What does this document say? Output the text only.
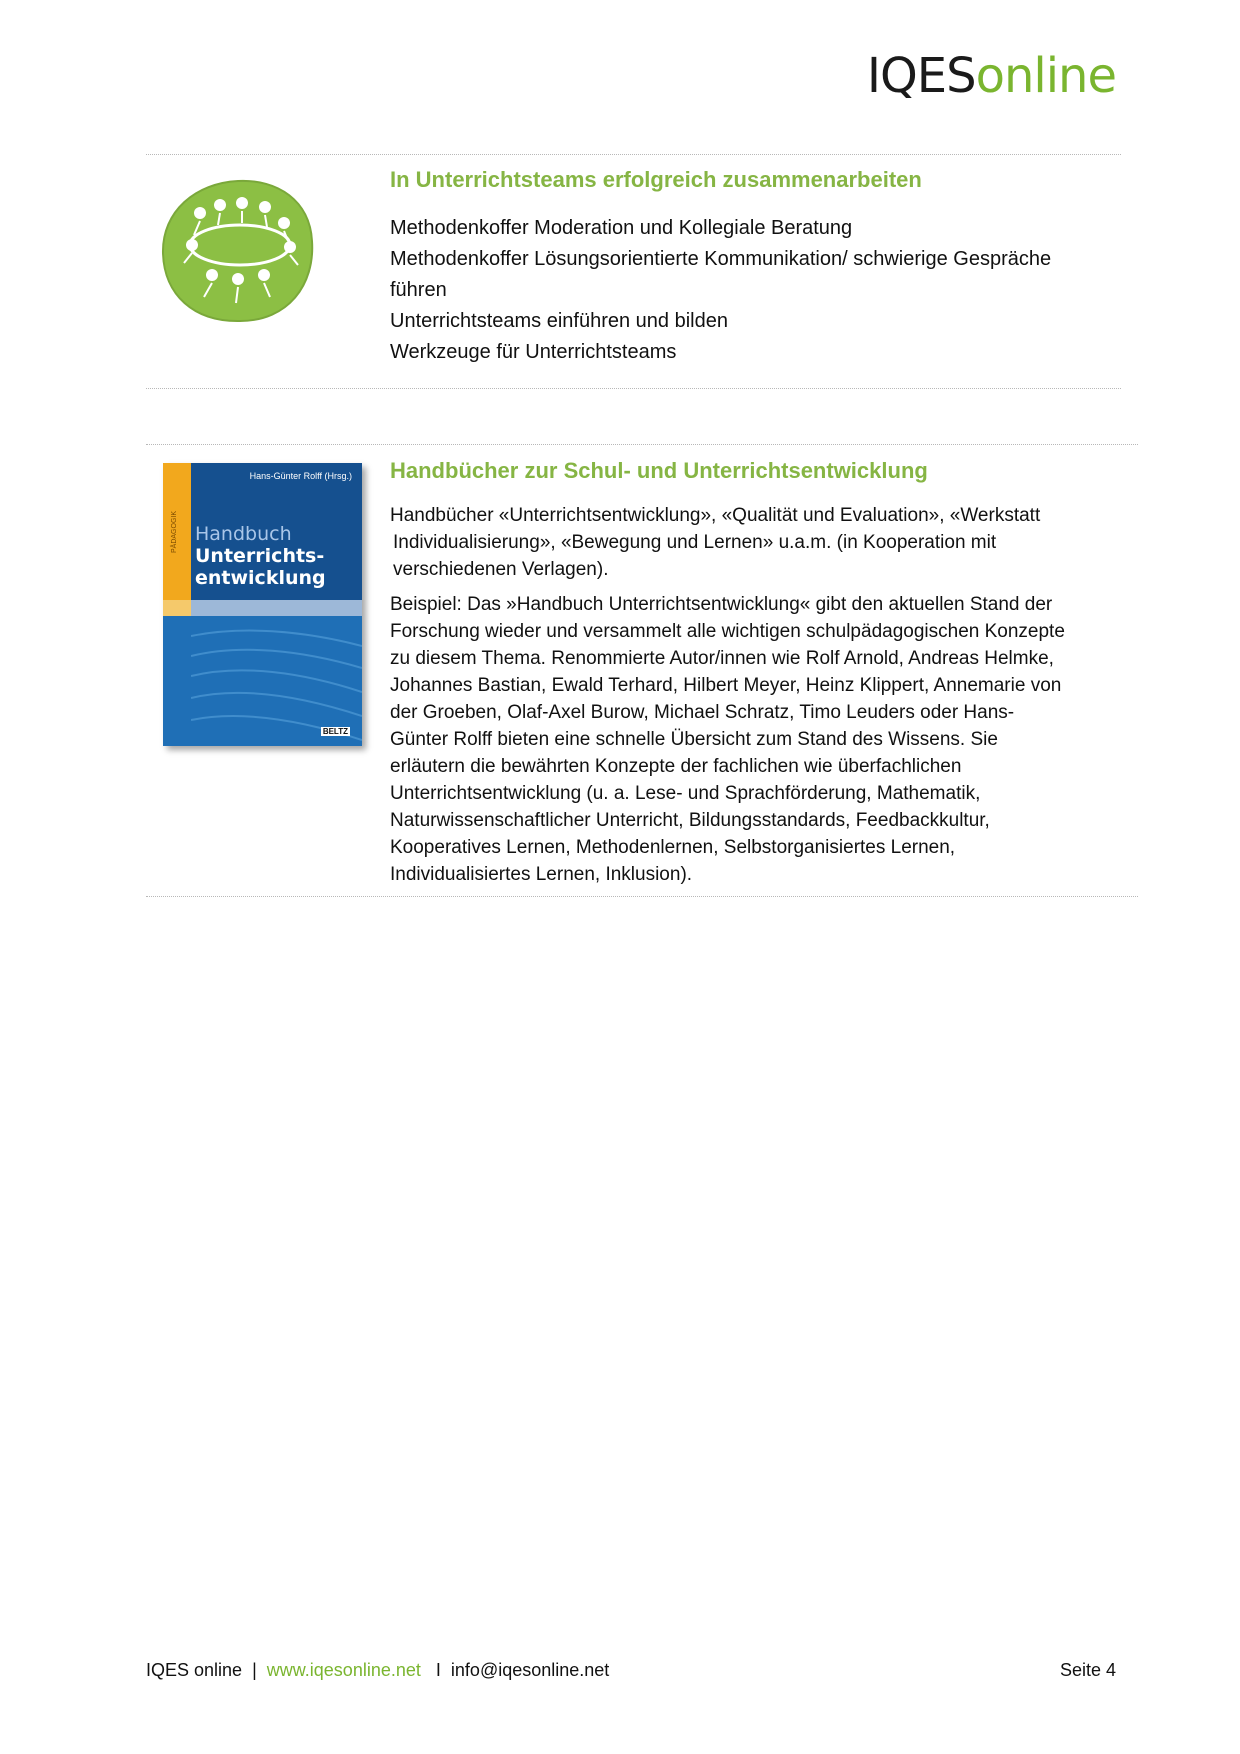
IQESonline
In Unterrichtsteams erfolgreich zusammenarbeiten
Methodenkoffer Moderation und Kollegiale Beratung
Methodenkoffer Lösungsorientierte Kommunikation/ schwierige Gespräche
führen
Unterrichtsteams einführen und bilden
Werkzeuge für Unterrichtsteams
Hans-Günter Rolff (Hrsg.)
PÄDAGOGIK Handbuch
Unterrichts-
entwicklung
BELTZ
Handbücher zur Schul- und Unterrichtsentwicklung
Handbücher «Unterrichtsentwicklung», «Qualität und Evaluation», «Werkstatt
Individualisierung», «Bewegung und Lernen» u.a.m. (in Kooperation mit
verschiedenen Verlagen).
Beispiel: Das »Handbuch Unterrichtsentwicklung« gibt den aktuellen Stand der
Forschung wieder und versammelt alle wichtigen schulpädagogischen Konzepte
zu diesem Thema. Renommierte Autor/innen wie Rolf Arnold, Andreas Helmke,
Johannes Bastian, Ewald Terhard, Hilbert Meyer, Heinz Klippert, Annemarie von
der Groeben, Olaf-Axel Burow, Michael Schratz, Timo Leuders oder Hans-
Günter Rolff bieten eine schnelle Übersicht zum Stand des Wissens. Sie
erläutern die bewährten Konzepte der fachlichen wie überfachlichen
Unterrichtsentwicklung (u. a. Lese- und Sprachförderung, Mathematik,
Naturwissenschaftlicher Unterricht, Bildungsstandards, Feedbackkultur,
Kooperatives Lernen, Methodenlernen, Selbstorganisiertes Lernen,
Individualisiertes Lernen, Inklusion).
IQES online | www.iqesonline.net I info@iqesonline.net	Seite 4
